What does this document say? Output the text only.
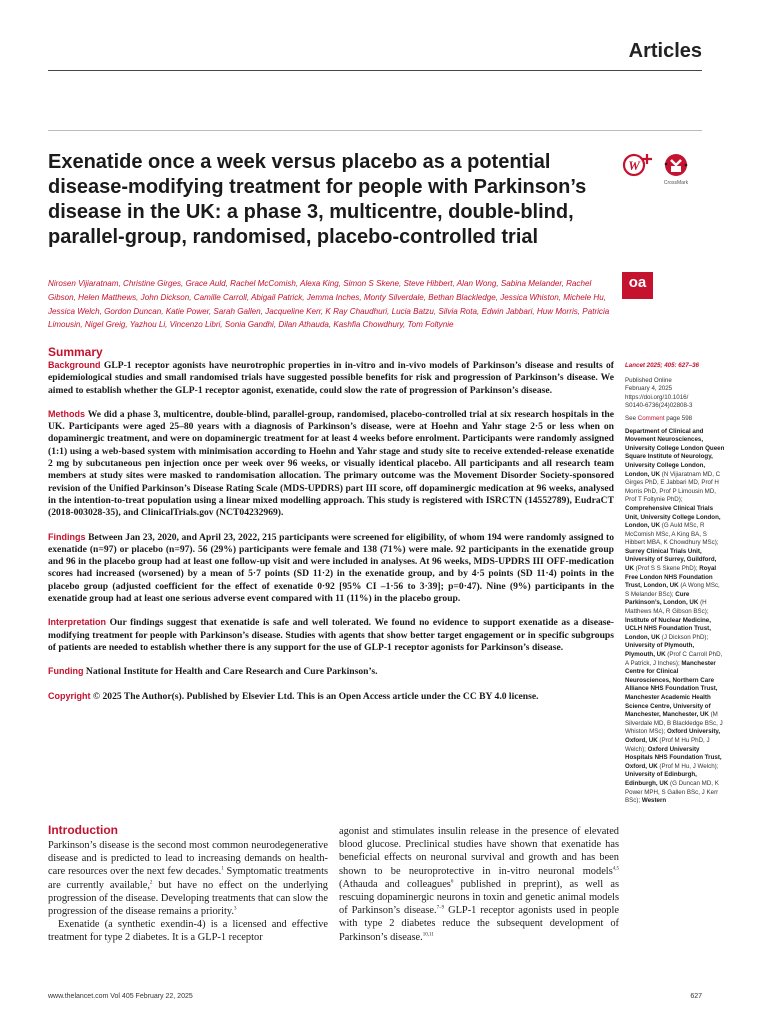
Articles
Exenatide once a week versus placebo as a potential disease-modifying treatment for people with Parkinson’s disease in the UK: a phase 3, multicentre, double-blind, parallel-group, randomised, placebo-controlled trial
W
CrossMark
oa
Nirosen Vijiaratnam, Christine Girges, Grace Auld, Rachel McComish, Alexa King, Simon S Skene, Steve Hibbert, Alan Wong, Sabina Melander, Rachel Gibson, Helen Matthews, John Dickson, Camille Carroll, Abigail Patrick, Jemma Inches, Monty Silverdale, Bethan Blackledge, Jessica Whiston, Michele Hu, Jessica Welch, Gordon Duncan, Katie Power, Sarah Gallen, Jacqueline Kerr, K Ray Chaudhuri, Lucia Batzu, Silvia Rota, Edwin Jabbari, Huw Morris, Patricia Limousin, Nigel Greig, Yazhou Li, Vincenzo Libri, Sonia Gandhi, Dilan Athauda, Kashfia Chowdhury, Tom Foltynie
Summary

Background GLP-1 receptor agonists have neurotrophic properties in in-vitro and in-vivo models of Parkinson’s disease and results of epidemiological studies and small randomised trials have suggested possible benefits for risk and progression of Parkinson’s disease. We aimed to establish whether the GLP-1 receptor agonist, exenatide, could slow the rate of progression of Parkinson’s disease.

Methods We did a phase 3, multicentre, double-blind, parallel-group, randomised, placebo-controlled trial at six research hospitals in the UK. Participants were aged 25–80 years with a diagnosis of Parkinson’s disease, were at Hoehn and Yahr stage 2·5 or less when on dopaminergic treatment, and were on dopaminergic treatment for at least 4 weeks before enrolment. Participants were randomly assigned (1:1) using a web-based system with minimisation according to Hoehn and Yahr stage and study site to receive extended-release exenatide 2 mg by subcutaneous pen injection once per week over 96 weeks, or visually identical placebo. All participants and all research team members at study sites were masked to randomisation allocation. The primary outcome was the Movement Disorder Society-sponsored revision of the Unified Parkinson’s Disease Rating Scale (MDS-UPDRS) part III score, off dopaminergic medication at 96 weeks, analysed in the intention-to-treat population using a linear mixed modelling approach. This study is registered with ISRCTN (14552789), EudraCT (2018-003028-35), and ClinicalTrials.gov (NCT04232969).

Findings Between Jan 23, 2020, and April 23, 2022, 215 participants were screened for eligibility, of whom 194 were randomly assigned to exenatide (n=97) or placebo (n=97). 56 (29%) participants were female and 138 (71%) were male. 92 participants in the exenatide group and 96 in the placebo group had at least one follow-up visit and were included in analyses. At 96 weeks, MDS-UPDRS III OFF-medication scores had increased (worsened) by a mean of 5·7 points (SD 11·2) in the exenatide group, and by 4·5 points (SD 11·4) points in the placebo group (adjusted coefficient for the effect of exenatide 0·92 [95% CI –1·56 to 3·39]; p=0·47). Nine (9%) participants in the exenatide group had at least one serious adverse event compared with 11 (11%) in the placebo group.

Interpretation Our findings suggest that exenatide is safe and well tolerated. We found no evidence to support exenatide as a disease-modifying treatment for people with Parkinson’s disease. Studies with agents that show better target engagement or in specific subgroups of patients are needed to establish whether there is any support for the use of GLP-1 receptor agonists for Parkinson’s disease.

Funding National Institute for Health and Care Research and Cure Parkinson’s.

Copyright © 2025 The Author(s). Published by Elsevier Ltd. This is an Open Access article under the CC BY 4.0 license.

Introduction

Parkinson’s disease is the second most common neurodegenerative disease and is predicted to lead to increasing demands on health-care resources over the next few decades.$^1$ Symptomatic treatments are currently available,$^2$ but have no effect on the underlying progression of the disease. Developing treatments that can slow the progression of the disease remains a priority.$^3$

Exenatide (a synthetic exendin-4) is a licensed and effective treatment for type 2 diabetes. It is a GLP-1 receptor

agonist and stimulates insulin release in the presence of elevated blood glucose. Preclinical studies have shown that exenatide has beneficial effects on neuronal survival and growth and has been shown to be neuroprotective in in-vitro neuronal models$^{4,5}$ (Athauda and colleagues$^6$ published in preprint), as well as rescuing dopaminergic neurons in toxin and genetic animal models of Parkinson’s disease.$^{7-9}$ GLP-1 receptor agonists used in people with type 2 diabetes reduce the subsequent development of Parkinson’s disease.$^{10,11}$

Lancet 2025; 405: 627–36

Published Online

February 4, 2025

https://doi.org/10.1016/

S0140-6736(24)02808-3

See Comment page 598

Department of Clinical and Movement Neurosciences, University College London Queen Square Institute of Neurology, University College London, London, UK (N Vijiaratnam MD, C Girges PhD, E Jabbari MD, Prof H Morris PhD, Prof P Limousin MD, Prof T Foltynie PhD); Comprehensive Clinical Trials Unit, University College London, London, UK (G Auld MSc, R McComish MSc, A King BA, S Hibbert MBA, K Chowdhury MSc); Surrey Clinical Trials Unit, University of Surrey, Guildford, UK (Prof S S Skene PhD); Royal Free London NHS Foundation Trust, London, UK (A Wong MSc, S Melander BSc); Cure Parkinson’s, London, UK (H Matthews MA, R Gibson BSc); Institute of Nuclear Medicine, UCLH NHS Foundation Trust, London, UK (J Dickson PhD); University of Plymouth, Plymouth, UK (Prof C Carroll PhD, A Patrick, J Inches); Manchester Centre for Clinical Neurosciences, Northern Care Alliance NHS Foundation Trust, Manchester Academic Health Science Centre, University of Manchester, Manchester, UK (M Silverdale MD, B Blackledge BSc, J Whiston MSc); Oxford University, Oxford, UK (Prof M Hu PhD, J Welch); Oxford University Hospitals NHS Foundation Trust, Oxford, UK (Prof M Hu, J Welch); University of Edinburgh, Edinburgh, UK (G Duncan MD, K Power MPH, S Gallen BSc, J Kerr BSc); Western

www.thelancet.com Vol 405 February 22, 2025	627
